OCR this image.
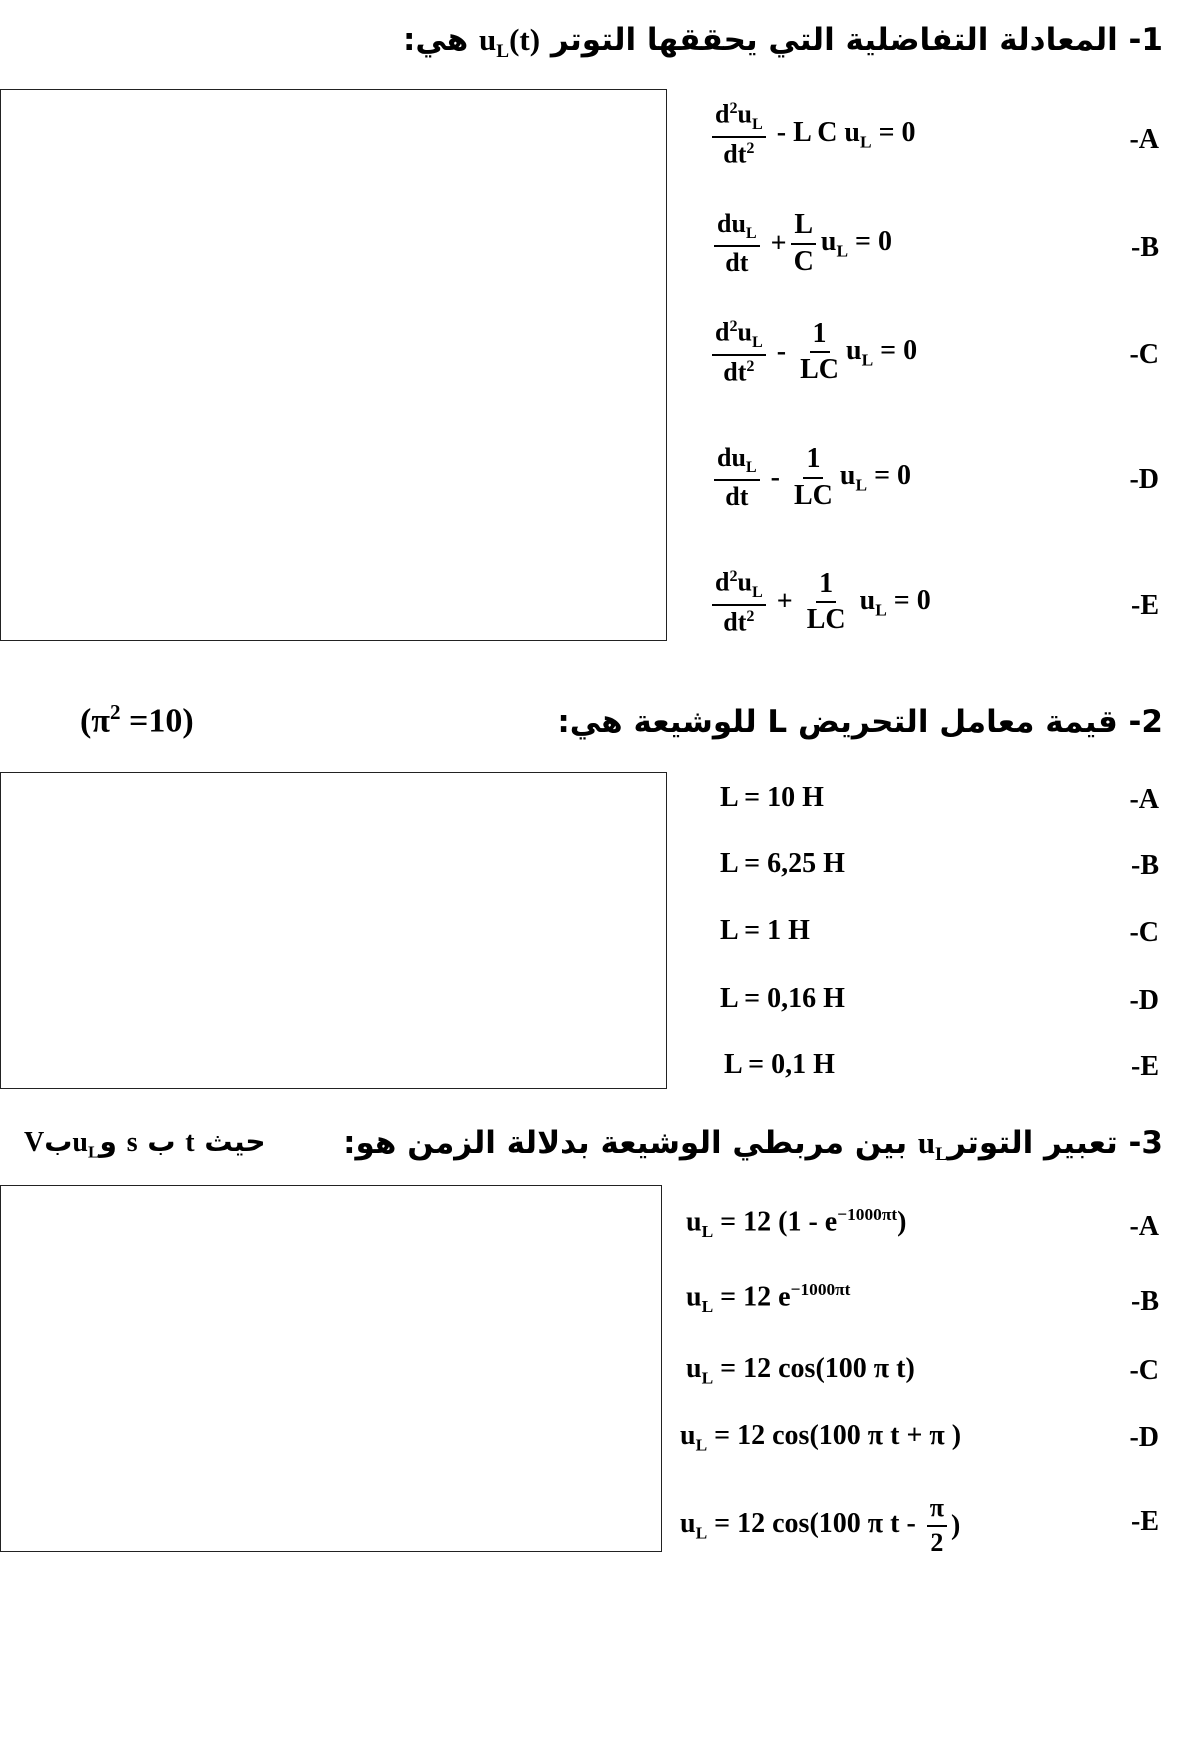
1- المعادلة التفاضلية التي يحققها التوتر $u_L(t)$ هي:
$\frac{d^2u_L}{dt^2}$ - L C $u_L = 0$	-A
$\frac{du_L}{dt} + \frac{L}{C} u_L = 0$	-B
$\frac{d^2u_L}{dt^2} - \frac{1}{LC} u_L = 0$	-C
$\frac{du_L}{dt} - \frac{1}{LC} u_L = 0$	-D
$\frac{d^2u_L}{dt^2} + \frac{1}{LC} u_L = 0$	-E
$(\pi^2 =10)$	2- قيمة معامل التحريض L للوشيعة هي:
L = 10 H	-A
L = 6,25 H	-B
L = 1 H	-C
L = 0,16 H	-D
L = 0,1 H	-E
حيث t ب s وu$_L$بV	3- تعبير التوترu$_L$ بين مربطي الوشيعة بدلالة الزمن هو:
$u_L = 12$ $(1 - e^{-1000\pi t})$	-A
$u_L = 12$ $e^{-1000\pi t}$	-B
$u_L = 12$ cos(100 π t)	-C
$u_L = 12$ cos(100 π t + π )	-D
$u_L = 12$ cos(100 π t - $\frac{\pi}{2}$ )	-E
